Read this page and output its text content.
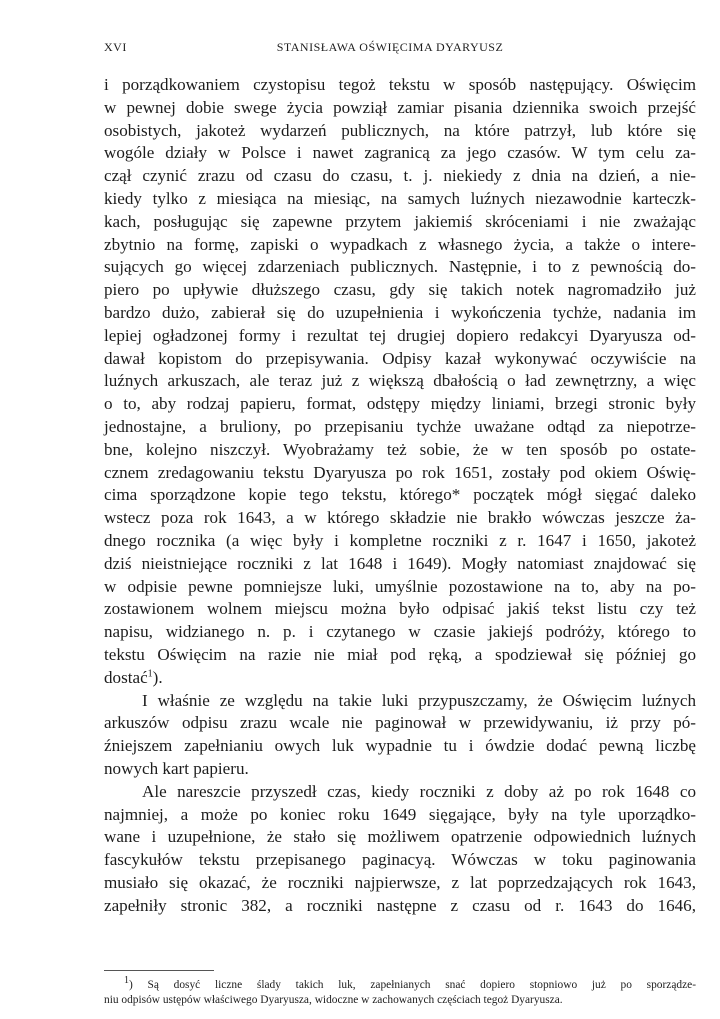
XVI	STANISŁAWA OŚWIĘCIMA DYARYUSZ
i porządkowaniem czystopisu tegoż tekstu w sposób następujący. Oświęcim
w pewnej dobie swege życia powziął zamiar pisania dziennika swoich przejść
osobistych, jakoteż wydarzeń publicznych, na które patrzył, lub które się
wogóle działy w Polsce i nawet zagranicą za jego czasów. W tym celu za-
czął czynić zrazu od czasu do czasu, t. j. niekiedy z dnia na dzień, a nie-
kiedy tylko z miesiąca na miesiąc, na samych luźnych niezawodnie karteczk-
kach, posługując się zapewne przytem jakiemiś skróceniami i nie zważając
zbytnio na formę, zapiski o wypadkach z własnego życia, a także o intere-
sujących go więcej zdarzeniach publicznych. Następnie, i to z pewnością do-
piero po upływie dłuższego czasu, gdy się takich notek nagromadziło już
bardzo dużo, zabierał się do uzupełnienia i wykończenia tychże, nadania im
lepiej ogładzonej formy i rezultat tej drugiej dopiero redakcyi Dyaryusza od-
dawał kopistom do przepisywania. Odpisy kazał wykonywać oczywiście na
luźnych arkuszach, ale teraz już z większą dbałością o ład zewnętrzny, a więc
o to, aby rodzaj papieru, format, odstępy między liniami, brzegi stronic były
jednostajne, a bruliony, po przepisaniu tychże uważane odtąd za niepotrze-
bne, kolejno niszczył. Wyobrażamy też sobie, że w ten sposób po ostate-
cznem zredagowaniu tekstu Dyaryusza po rok 1651, zostały pod okiem Oświę-
cima sporządzone kopie tego tekstu, którego* początek mógł sięgać daleko
wstecz poza rok 1643, a w którego składzie nie brakło wówczas jeszcze ża-
dnego rocznika (a więc były i kompletne roczniki z r. 1647 i 1650, jakoteż
dziś nieistniejące roczniki z lat 1648 i 1649). Mogły natomiast znajdować się
w odpisie pewne pomniejsze luki, umyślnie pozostawione na to, aby na po-
zostawionem wolnem miejscu można było odpisać jakiś tekst listu czy też
napisu, widzianego n. p. i czytanego w czasie jakiejś podróży, którego to
tekstu Oświęcim na razie nie miał pod ręką, a spodziewał się później go
dostać$^1$).
I właśnie ze względu na takie luki przypuszczamy, że Oświęcim luźnych
arkuszów odpisu zrazu wcale nie paginował w przewidywaniu, iż przy pó-
źniejszem zapełnianiu owych luk wypadnie tu i ówdzie dodać pewną liczbę
nowych kart papieru.
Ale nareszcie przyszedł czas, kiedy roczniki z doby aż po rok 1648 co
najmniej, a może po koniec roku 1649 sięgające, były na tyle uporządko-
wane i uzupełnione, że stało się możliwem opatrzenie odpowiednich luźnych
fascykułów tekstu przepisanego paginacyą. Wówczas w toku paginowania
musiało się okazać, że roczniki najpierwsze, z lat poprzedzających rok 1643,
zapełniły stronic 382, a roczniki następne z czasu od r. 1643 do 1646,
$^1$) Są dosyć liczne ślady takich luk, zapełnianych snać dopiero stopniowo już po sporządze-
niu odpisów ustępów właściwego Dyaryusza, widoczne w zachowanych częściach tegoż Dyaryusza.
